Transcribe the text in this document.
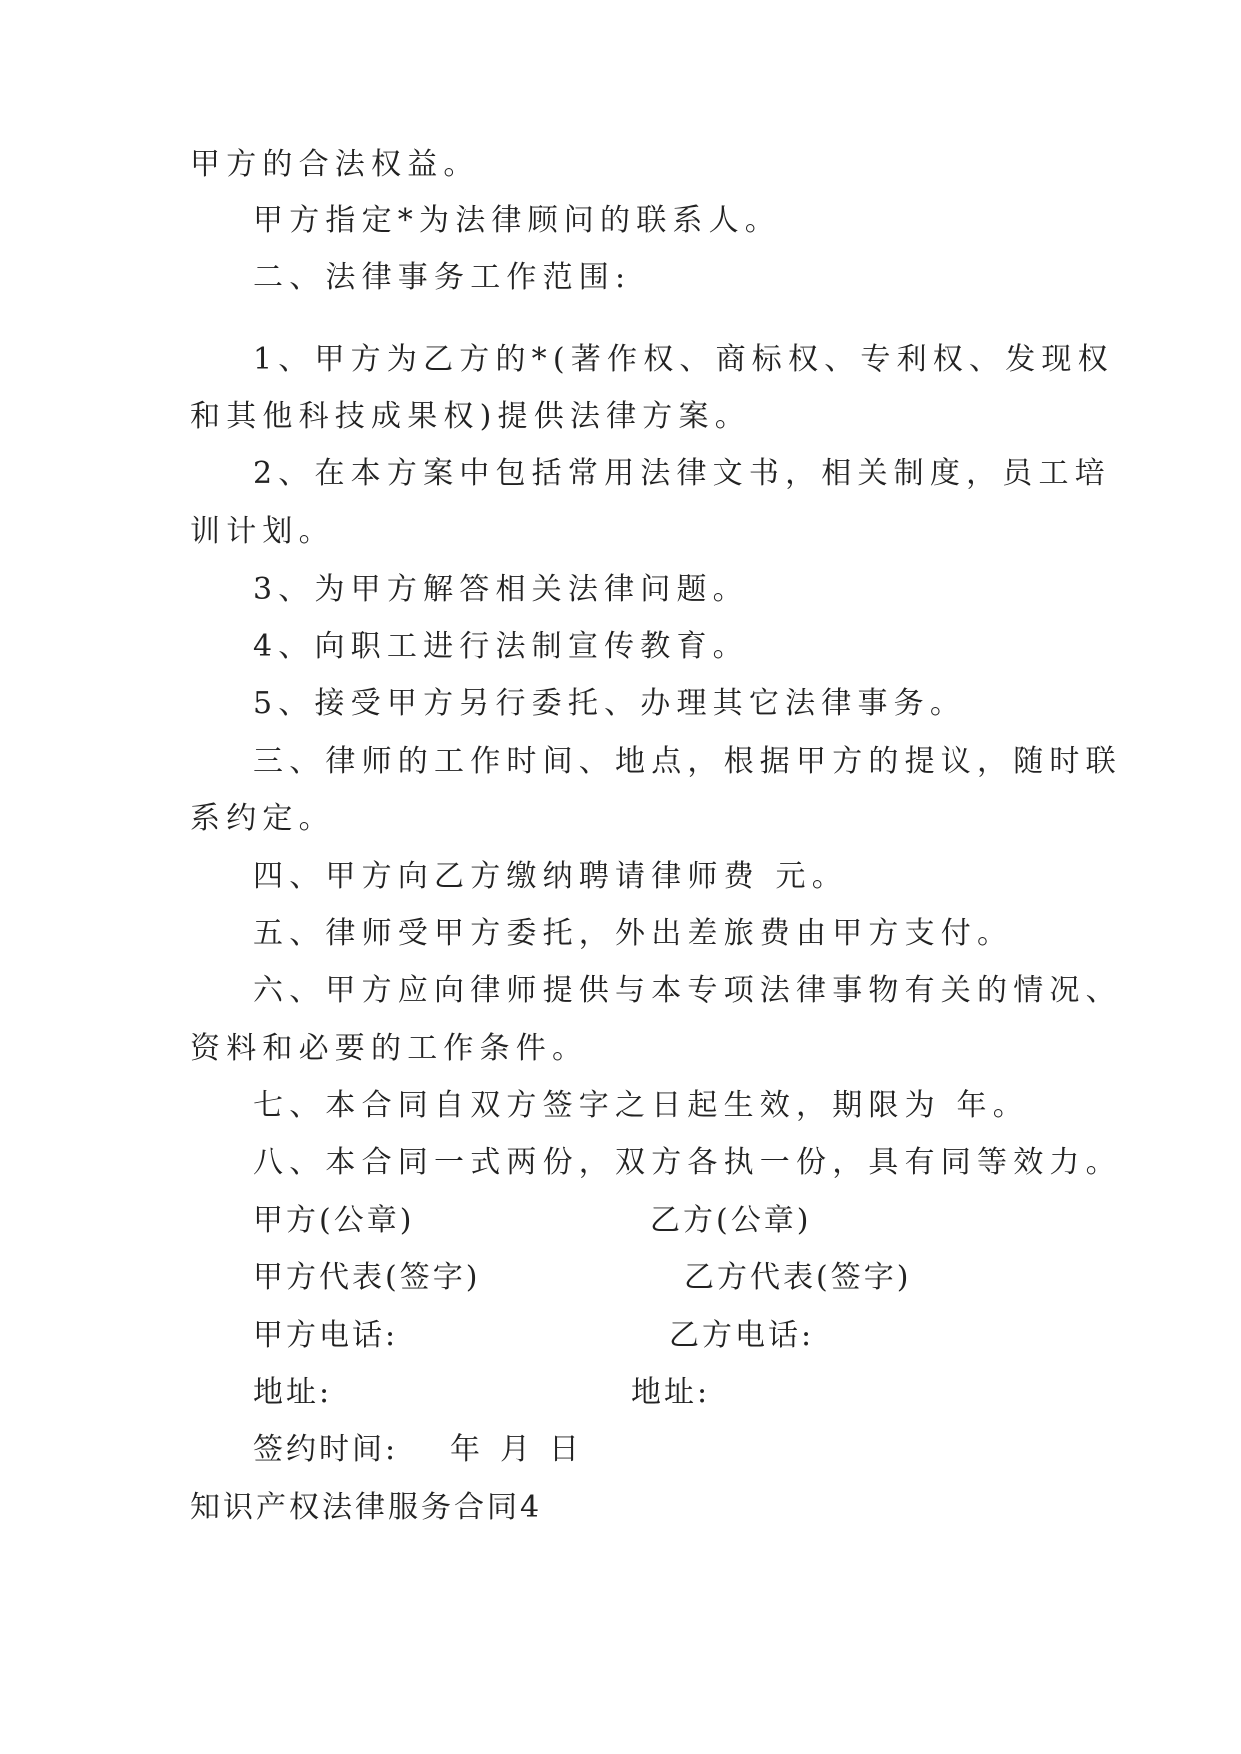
甲方的合法权益。
甲方指定*为法律顾问的联系人。
二、法律事务工作范围:
1、甲方为乙方的*(著作权、商标权、专利权、发现权
和其他科技成果权)提供法律方案。
2、在本方案中包括常用法律文书，相关制度，员工培
训计划。
3、为甲方解答相关法律问题。
4、向职工进行法制宣传教育。
5、接受甲方另行委托、办理其它法律事务。
三、律师的工作时间、地点，根据甲方的提议，随时联
系约定。
四、甲方向乙方缴纳聘请律师费 元。
五、律师受甲方委托，外出差旅费由甲方支付。
六、甲方应向律师提供与本专项法律事物有关的情况、
资料和必要的工作条件。
七、本合同自双方签字之日起生效，期限为 年。
八、本合同一式两份，双方各执一份，具有同等效力。
甲方(公章)	乙方(公章)
甲方代表(签字)	乙方代表(签字)
甲方电话:	乙方电话:
地址:	地址:
签约时间: 年 月 日
知识产权法律服务合同4
